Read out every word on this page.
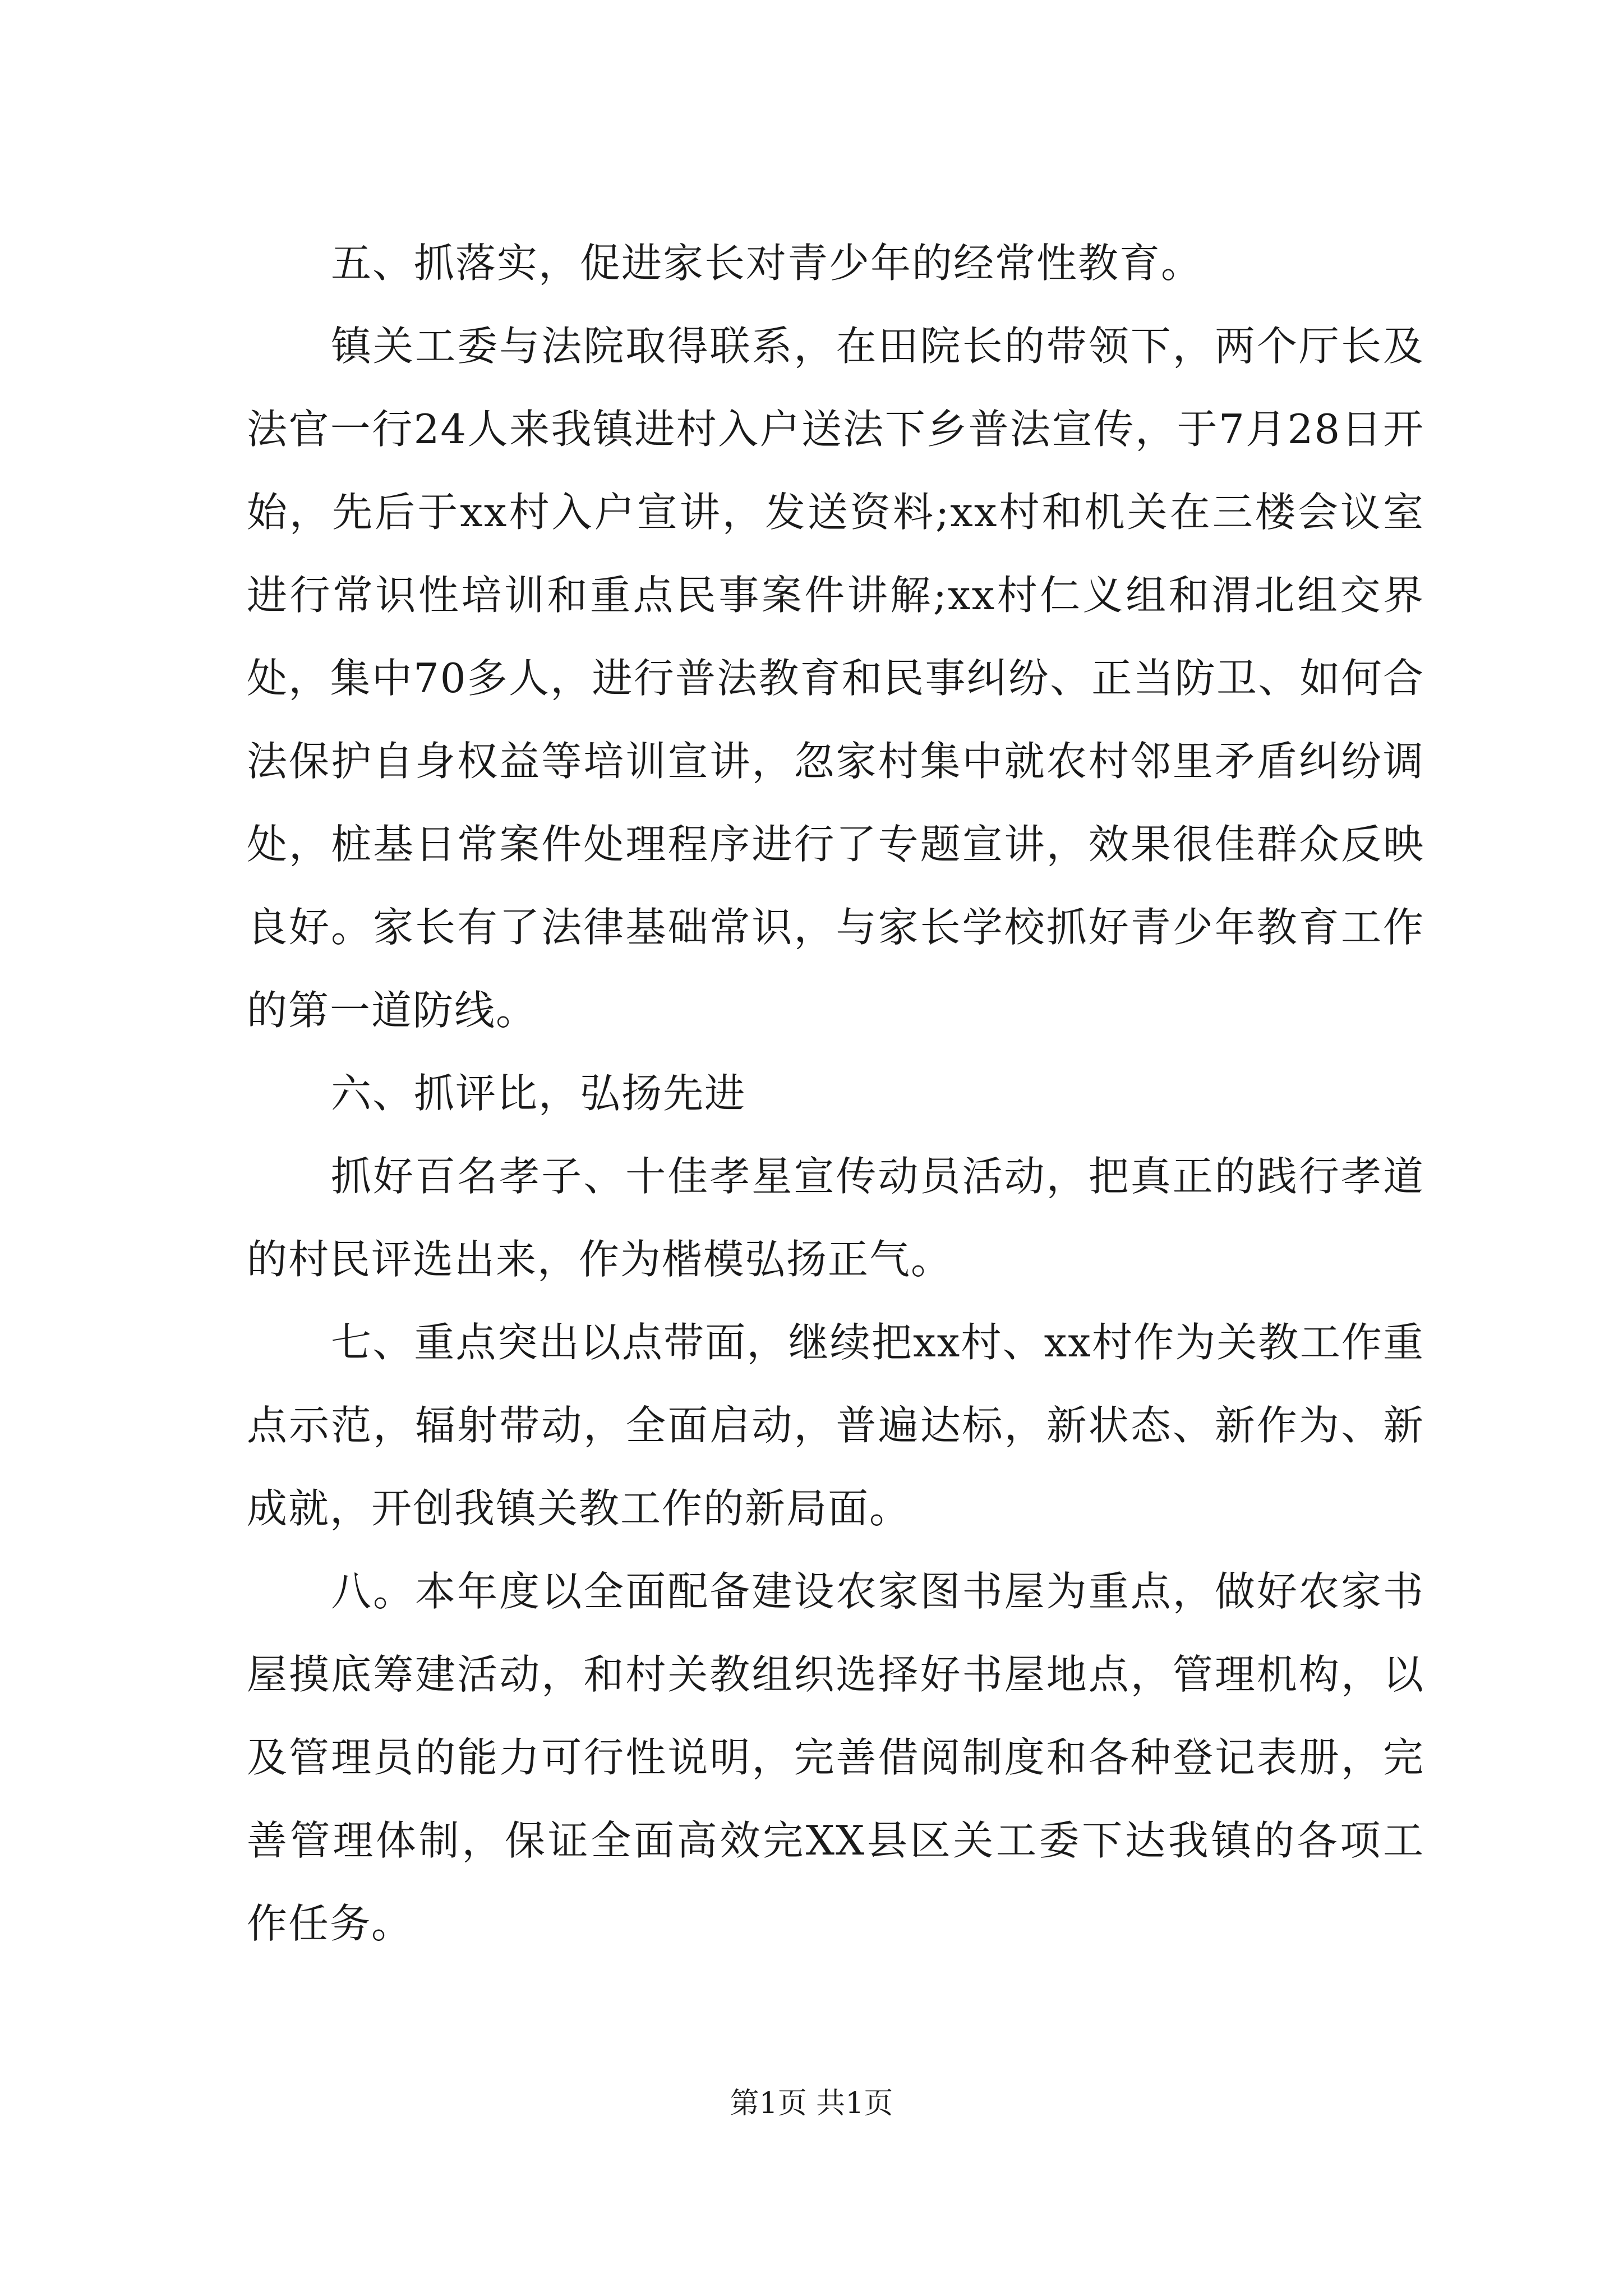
五、抓落实，促进家长对青少年的经常性教育。

镇关工委与法院取得联系，在田院长的带领下，两个厅长及法官一行24人来我镇进村入户送法下乡普法宣传，于7月28日开始，先后于xx村入户宣讲，发送资料;xx村和机关在三楼会议室进行常识性培训和重点民事案件讲解;xx村仁义组和渭北组交界处，集中70多人，进行普法教育和民事纠纷、正当防卫、如何合法保护自身权益等培训宣讲，忽家村集中就农村邻里矛盾纠纷调处，桩基日常案件处理程序进行了专题宣讲，效果很佳群众反映良好。家长有了法律基础常识，与家长学校抓好青少年教育工作的第一道防线。

六、抓评比，弘扬先进

抓好百名孝子、十佳孝星宣传动员活动，把真正的践行孝道的村民评选出来，作为楷模弘扬正气。

七、重点突出以点带面，继续把xx村、xx村作为关教工作重点示范，辐射带动，全面启动，普遍达标，新状态、新作为、新成就，开创我镇关教工作的新局面。

八。本年度以全面配备建设农家图书屋为重点，做好农家书屋摸底筹建活动，和村关教组织选择好书屋地点，管理机构，以及管理员的能力可行性说明，完善借阅制度和各种登记表册，完善管理体制，保证全面高效完XX县区关工委下达我镇的各项工作任务。

第1页 共1页
